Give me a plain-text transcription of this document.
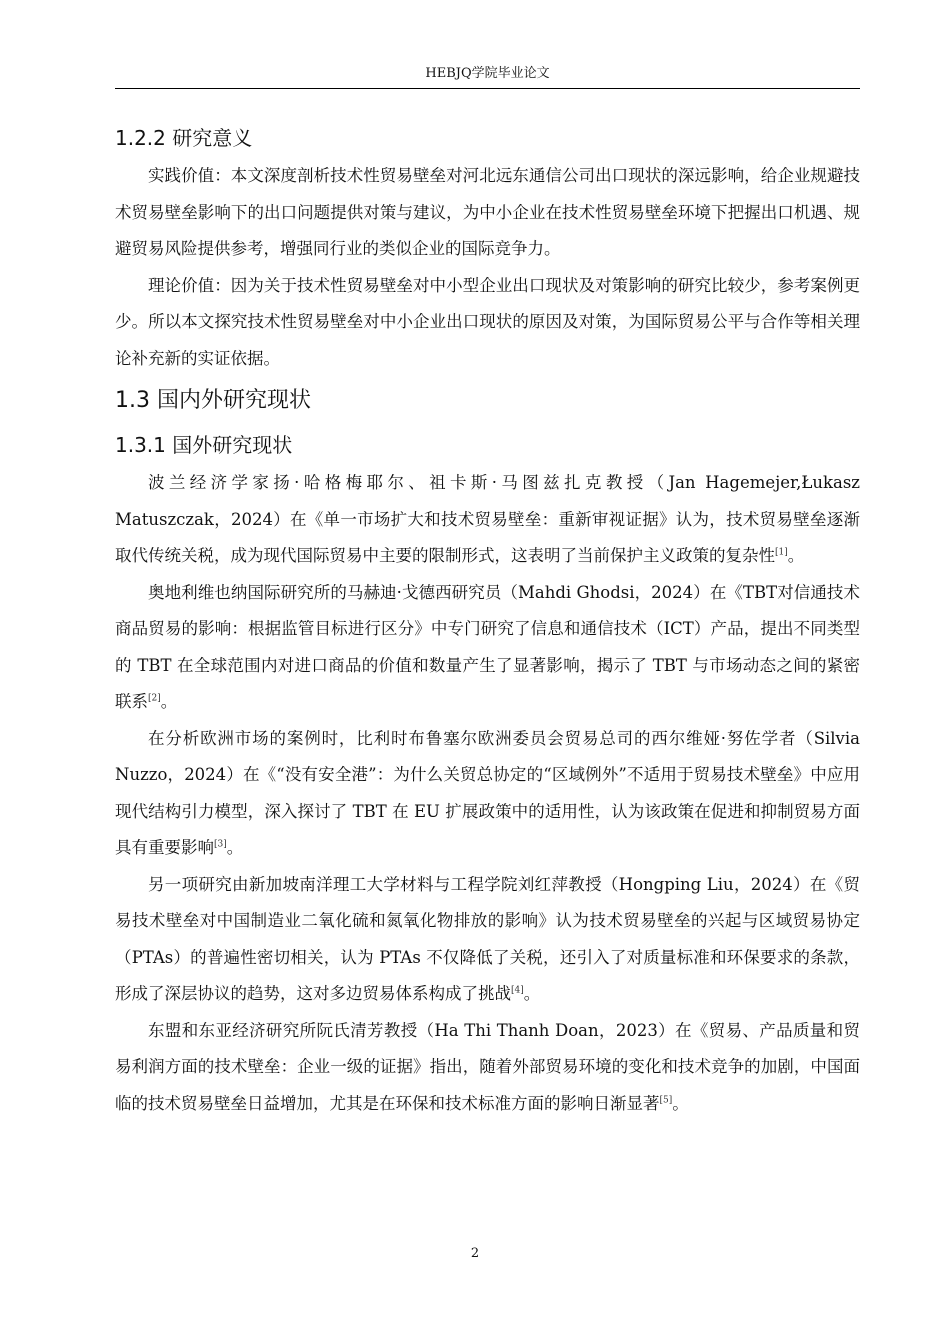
HEBJQ学院毕业论文
1.2.2 研究意义

实践价值：本文深度剖析技术性贸易壁垒对河北远东通信公司出口现状的深远影响，给企业规避技术贸易壁垒影响下的出口问题提供对策与建议，为中小企业在技术性贸易壁垒环境下把握出口机遇、规避贸易风险提供参考，增强同行业的类似企业的国际竞争力。

理论价值：因为关于技术性贸易壁垒对中小型企业出口现状及对策影响的研究比较少，参考案例更少。所以本文探究技术性贸易壁垒对中小企业出口现状的原因及对策，为国际贸易公平与合作等相关理论补充新的实证依据。

1.3 国内外研究现状
1.3.1 国外研究现状

波兰经济学家扬·哈格梅耶尔、祖卡斯·马图兹扎克教授（Jan Hagemejer,Łukasz Matuszczak，2024）在《单一市场扩大和技术贸易壁垒：重新审视证据》认为，技术贸易壁垒逐渐取代传统关税，成为现代国际贸易中主要的限制形式，这表明了当前保护主义政策的复杂性[1]。

奥地利维也纳国际研究所的马赫迪·戈德西研究员（Mahdi Ghodsi，2024）在《TBT对信通技术商品贸易的影响：根据监管目标进行区分》中专门研究了信息和通信技术（ICT）产品，提出不同类型的 TBT 在全球范围内对进口商品的价值和数量产生了显著影响，揭示了 TBT 与市场动态之间的紧密联系[2]。

在分析欧洲市场的案例时，比利时布鲁塞尔欧洲委员会贸易总司的西尔维娅·努佐学者（Silvia Nuzzo，2024）在《“没有安全港”：为什么关贸总协定的“区域例外”不适用于贸易技术壁垒》中应用现代结构引力模型，深入探讨了 TBT 在 EU 扩展政策中的适用性，认为该政策在促进和抑制贸易方面具有重要影响[3]。

另一项研究由新加坡南洋理工大学材料与工程学院刘红萍教授（Hongping Liu，2024）在《贸易技术壁垒对中国制造业二氧化硫和氮氧化物排放的影响》认为技术贸易壁垒的兴起与区域贸易协定（PTAs）的普遍性密切相关，认为 PTAs 不仅降低了关税，还引入了对质量标准和环保要求的条款，形成了深层协议的趋势，这对多边贸易体系构成了挑战[4]。

东盟和东亚经济研究所阮氏清芳教授（Ha Thi Thanh Doan，2023）在《贸易、产品质量和贸易利润方面的技术壁垒：企业一级的证据》指出，随着外部贸易环境的变化和技术竞争的加剧，中国面临的技术贸易壁垒日益增加，尤其是在环保和技术标准方面的影响日渐显著[5]。

2
